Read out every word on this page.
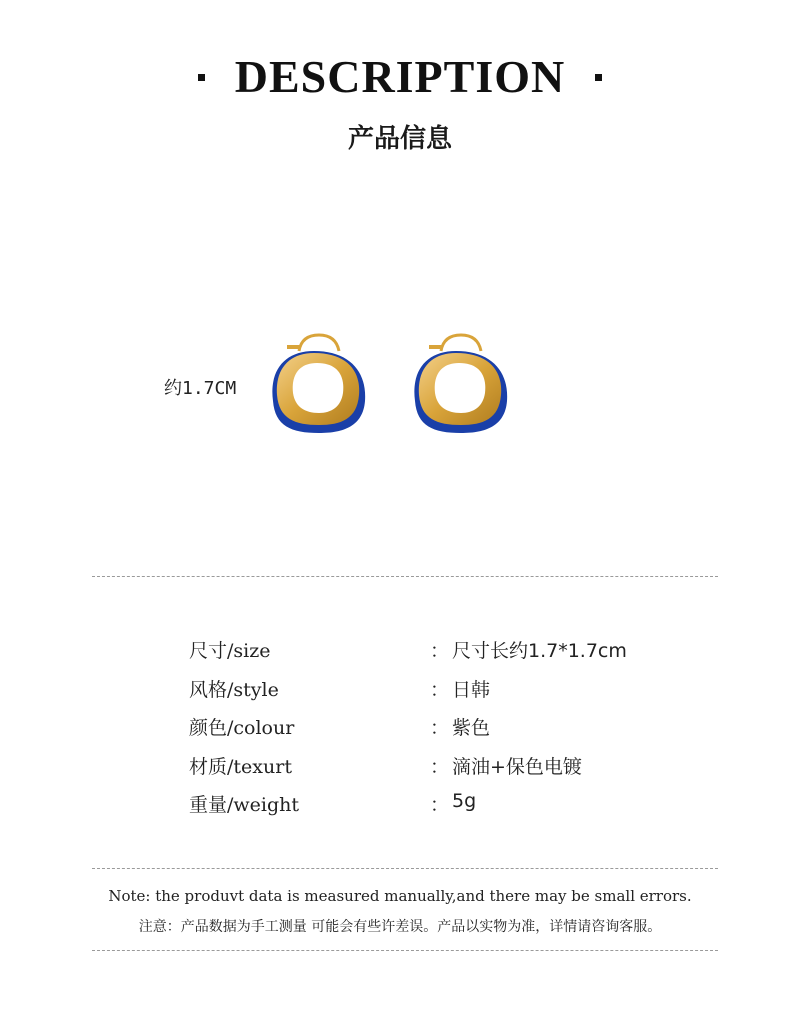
DESCRIPTION
产品信息
约1.7CM
尺寸/size	： 尺寸长约1.7*1.7cm
风格/style	： 日韩
颜色/colour	： 紫色
材质/texurt	： 滴油+保色电镀
重量/weight	： 5g
Note: the produvt data is measured manually,and there may be small errors.
注意：产品数据为手工测量 可能会有些许差误。产品以实物为准，详情请咨询客服。
